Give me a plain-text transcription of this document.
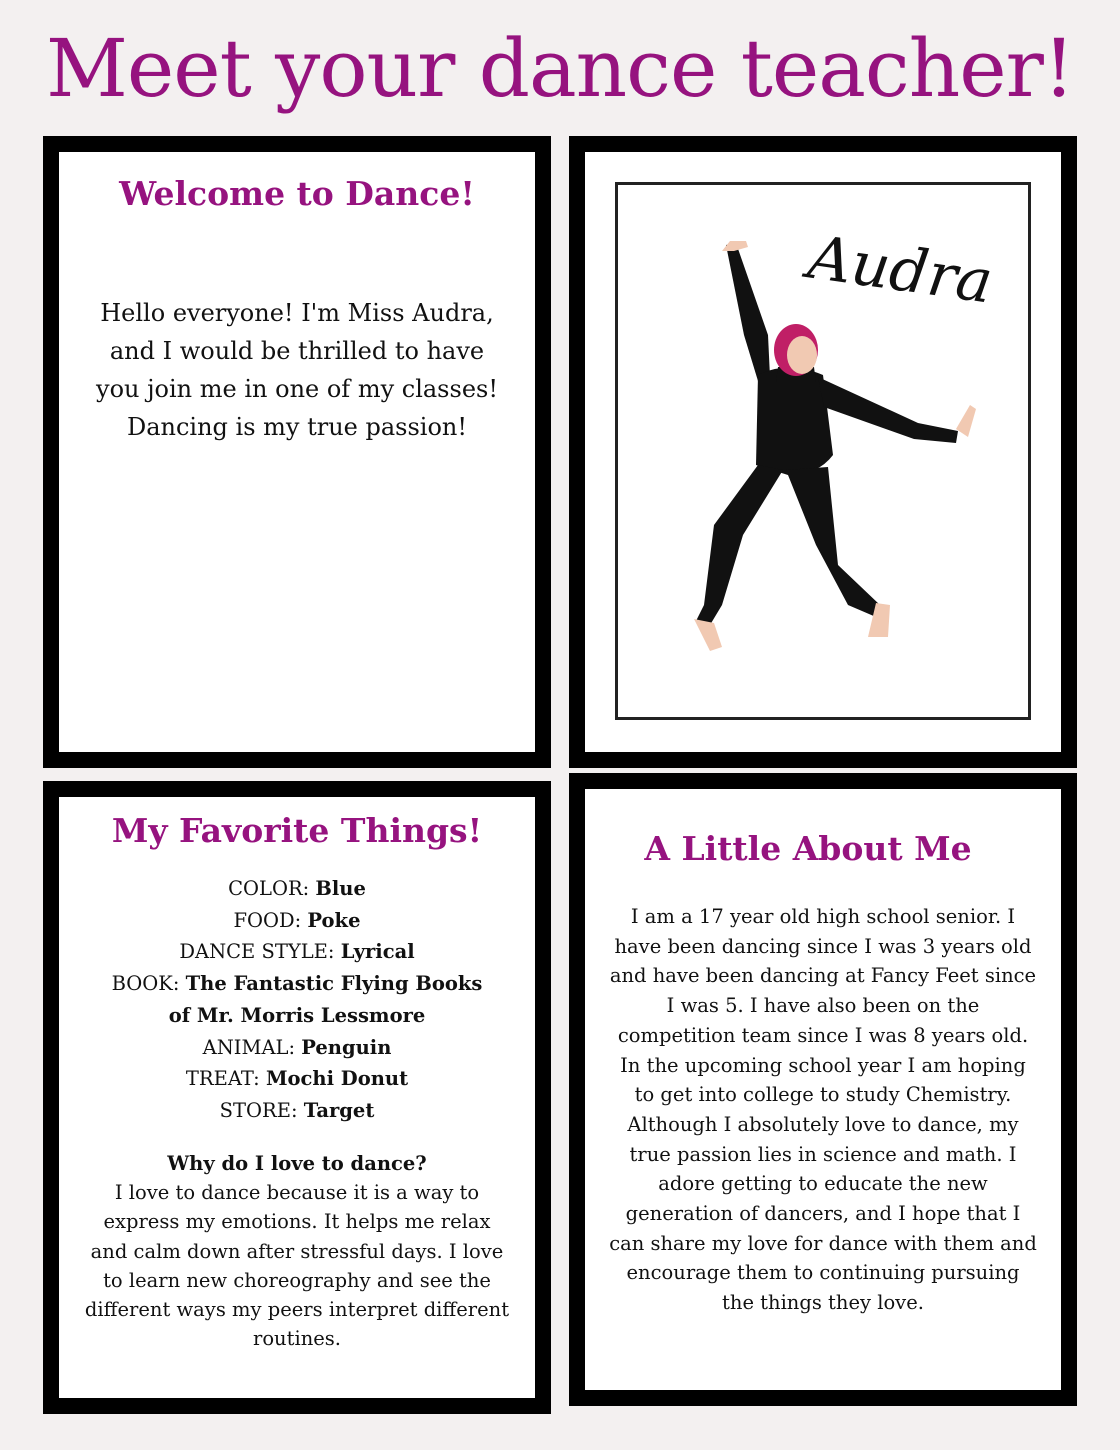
Meet your dance teacher!
Welcome to Dance!
Hello everyone! I'm Miss Audra, and I would be thrilled to have you join me in one of my classes! Dancing is my true passion!
Audra
My Favorite Things!
COLOR: Blue
FOOD: Poke
DANCE STYLE: Lyrical
BOOK: The Fantastic Flying Books of Mr. Morris Lessmore
ANIMAL: Penguin
TREAT: Mochi Donut
STORE: Target
Why do I love to dance?
I love to dance because it is a way to express my emotions. It helps me relax and calm down after stressful days. I love to learn new choreography and see the different ways my peers interpret different routines.
A Little About Me
I am a 17 year old high school senior. I have been dancing since I was 3 years old and have been dancing at Fancy Feet since I was 5. I have also been on the competition team since I was 8 years old. In the upcoming school year I am hoping to get into college to study Chemistry. Although I absolutely love to dance, my true passion lies in science and math. I adore getting to educate the new generation of dancers, and I hope that I can share my love for dance with them and encourage them to continuing pursuing the things they love.
